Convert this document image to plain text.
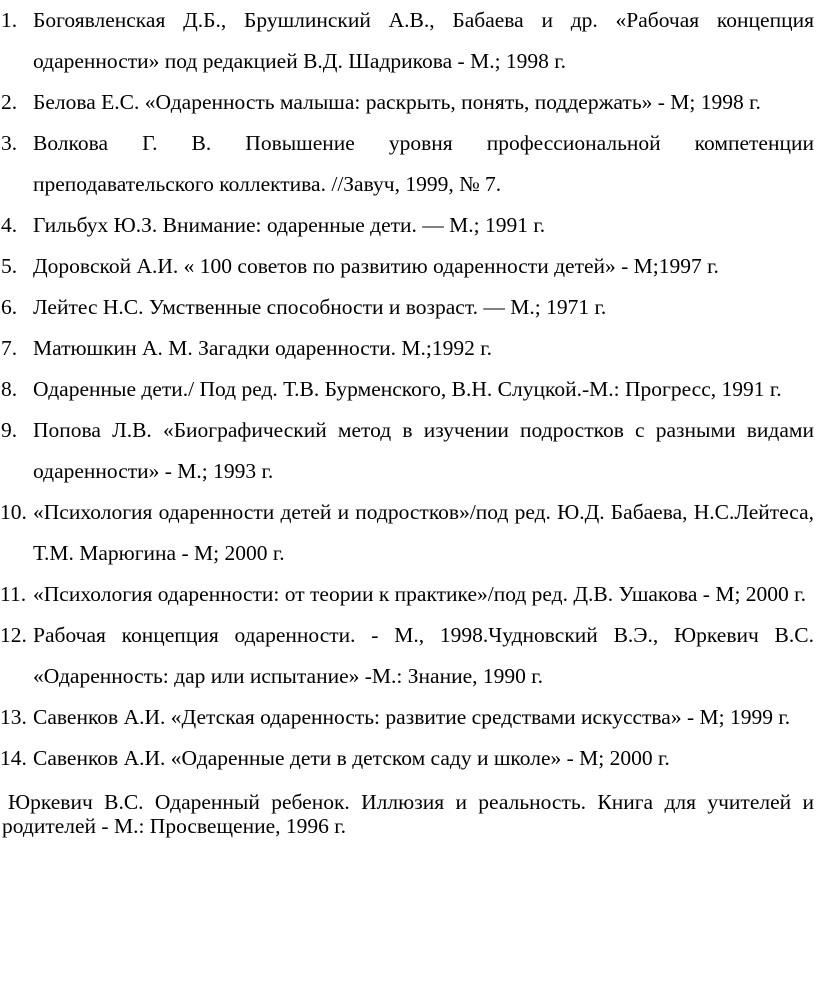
1. Богоявленская Д.Б., Брушлинский А.В., Бабаева и др. «Рабочая концепция одаренности» под редакцией В.Д. Шадрикова - М.; 1998 г.
2. Белова Е.С. «Одаренность малыша: раскрыть, понять, поддержать» - М; 1998 г.
3. Волкова Г. В. Повышение уровня профессиональной компетенции преподавательского коллектива. //Завуч, 1999, № 7.
4. Гильбух Ю.З. Внимание: одаренные дети. — М.; 1991 г.
5. Доровской А.И. « 100 советов по развитию одаренности детей» - М;1997 г.
6. Лейтес Н.С. Умственные способности и возраст. — М.; 1971 г.
7. Матюшкин А. М. Загадки одаренности. М.;1992 г.
8. Одаренные дети./ Под ред. Т.В. Бурменского, В.Н. Слуцкой.-М.: Прогресс, 1991 г.
9. Попова Л.В. «Биографический метод в изучении подростков с разными видами одаренности» - М.; 1993 г.
10. «Психология одаренности детей и подростков»/под ред. Ю.Д. Бабаева, Н.С.Лейтеса, Т.М. Марюгина - М; 2000 г.
11. «Психология одаренности: от теории к практике»/под ред. Д.В. Ушакова - М; 2000 г.
12. Рабочая концепция одаренности. - М., 1998.Чудновский В.Э., Юркевич В.С. «Одаренность: дар или испытание» -М.: Знание, 1990 г.
13. Савенков А.И. «Детская одаренность: развитие средствами искусства» - М; 1999 г.
14. Савенков А.И. «Одаренные дети в детском саду и школе» - М; 2000 г.

Юркевич В.С. Одаренный ребенок. Иллюзия и реальность. Книга для учителей и родителей - М.: Просвещение, 1996 г.
